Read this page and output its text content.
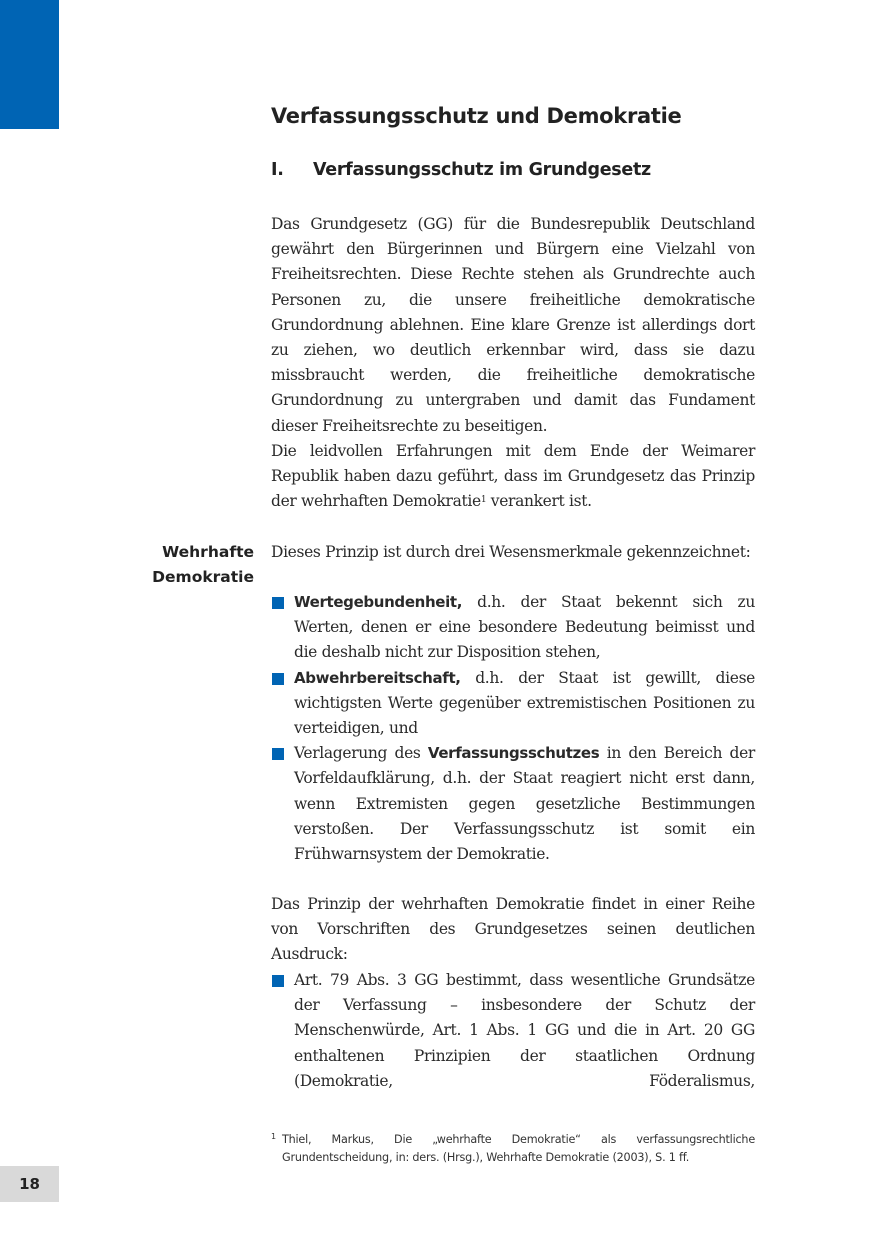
Verfassungsschutz und Demokratie
I. Verfassungsschutz im Grundgesetz

Das Grundgesetz (GG) für die Bundesrepublik Deutschland gewährt den Bürgerinnen und Bürgern eine Vielzahl von Freiheitsrechten. Diese Rechte stehen als Grundrechte auch Personen zu, die unsere freiheitliche demokratische Grundordnung ablehnen. Eine klare Grenze ist allerdings dort zu ziehen, wo deutlich erkennbar wird, dass sie dazu missbraucht werden, die freiheitliche demokratische Grundordnung zu untergraben und damit das Fundament dieser Freiheitsrechte zu beseitigen.

Die leidvollen Erfahrungen mit dem Ende der Weimarer Republik haben dazu geführt, dass im Grundgesetz das Prinzip der wehrhaften Demokratie$^1$ verankert ist.

Wehrhafte
Demokratie

Dieses Prinzip ist durch drei Wesensmerkmale gekennzeichnet:

Wertegebundenheit, d.h. der Staat bekennt sich zu Werten, denen er eine besondere Bedeutung beimisst und die deshalb nicht zur Disposition stehen,
Abwehrbereitschaft, d.h. der Staat ist gewillt, diese wichtigsten Werte gegenüber extremistischen Positionen zu verteidigen, und
Verlagerung des Verfassungsschutzes in den Bereich der Vorfeldaufklärung, d.h. der Staat reagiert nicht erst dann, wenn Extremisten gegen gesetzliche Bestimmungen verstoßen. Der Verfassungsschutz ist somit ein Frühwarnsystem der Demokratie.

Das Prinzip der wehrhaften Demokratie findet in einer Reihe von Vorschriften des Grundgesetzes seinen deutlichen Ausdruck:

Art. 79 Abs. 3 GG bestimmt, dass wesentliche Grundsätze der Verfassung – insbesondere der Schutz der Menschenwürde, Art. 1 Abs. 1 GG und die in Art. 20 GG enthaltenen Prinzipien der staatlichen Ordnung (Demokratie, Föderalismus,
1 Thiel, Markus, Die „wehrhafte Demokratie“ als verfassungsrechtliche Grundentscheidung, in: ders. (Hrsg.), Wehrhafte Demokratie (2003), S. 1 ff.
18
